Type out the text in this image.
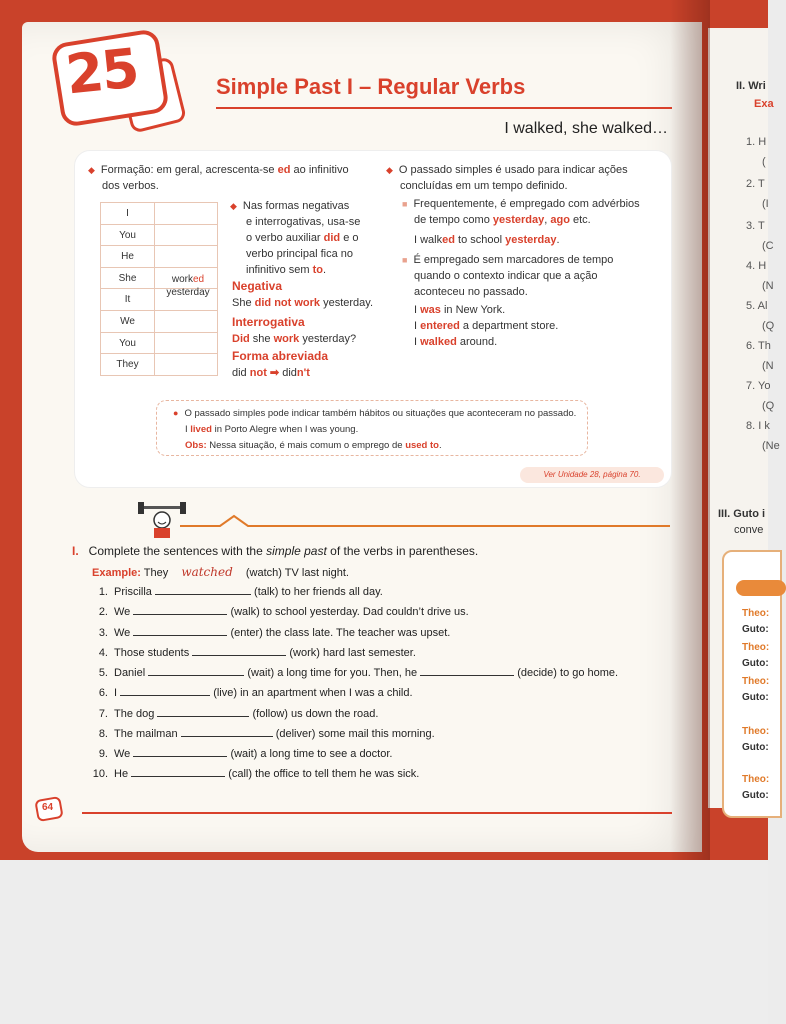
II. Wri
Exa
1. H
(
2. T
(I
3. T
(C
4. H
(N
5. Al
(Q
6. Th
(N
7. Yo
(Q
8. I k
(Ne
III. Guto i
conve
Theo:
Guto:
Theo:
Guto:
Theo:
Guto:
Theo:
Guto:
Theo:
Guto:
25	Simple Past I – Regular Verbs
I walked, she walked…
◆ Formação: em geral, acrescenta-se ed ao infinitivo
dos verbos.
I
You
He
She
It
We
You
They
worked
yesterday
◆ Nas formas negativas
e interrogativas, usa-se
o verbo auxiliar did e o
verbo principal fica no
infinitivo sem to.
Negativa
She did not work yesterday.
Interrogativa
Did she work yesterday?
Forma abreviada
did not ➡ didn't
◆ O passado simples é usado para indicar ações
concluídas em um tempo definido.
■ Frequentemente, é empregado com advérbios
de tempo como yesterday, ago etc.
I walked to school yesterday.
■ É empregado sem marcadores de tempo
quando o contexto indicar que a ação
aconteceu no passado.
I was in New York.
I entered a department store.
I walked around.
● O passado simples pode indicar também hábitos ou situações que aconteceram no passado.
I lived in Porto Alegre when I was young.
Obs: Nessa situação, é mais comum o emprego de used to.
Ver Unidade 28, página 70.
I. Complete the sentences with the simple past of the verbs in parentheses.
Example: They watched (watch) TV last night.
1. Priscilla	(talk) to her friends all day.
2. We	(walk) to school yesterday. Dad couldn’t drive us.
3. We	(enter) the class late. The teacher was upset.
4. Those students	(work) hard last semester.
5. Daniel	(wait) a long time for you. Then, he	(decide) to go home.
6. I	(live) in an apartment when I was a child.
7. The dog	(follow) us down the road.
8. The mailman	(deliver) some mail this morning.
9. We	(wait) a long time to see a doctor.
10. He	(call) the office to tell them he was sick.
64
